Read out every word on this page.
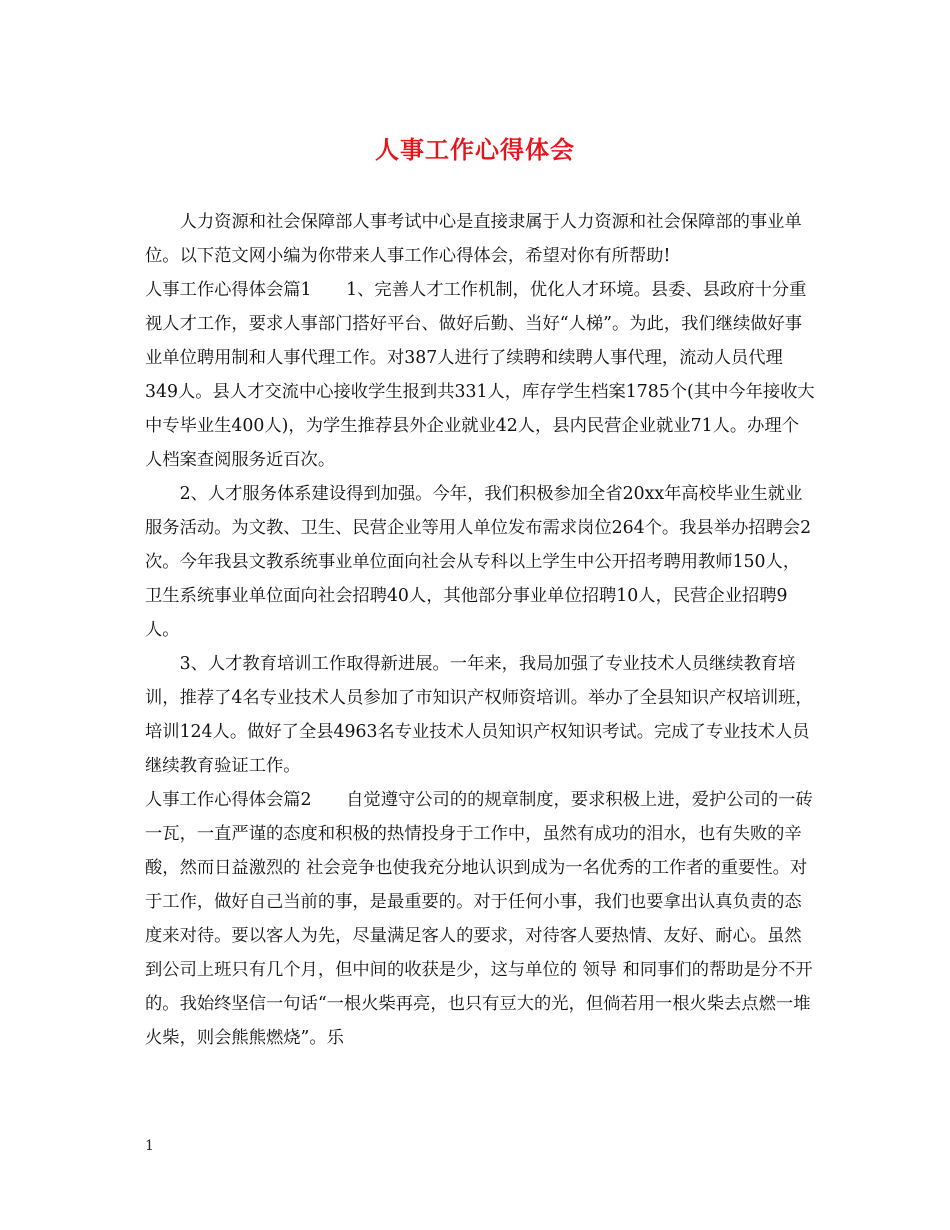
人事工作心得体会

人力资源和社会保障部人事考试中心是直接隶属于人力资源和社会保障部的事业单位。以下范文网小编为你带来人事工作心得体会，希望对你有所帮助!

人事工作心得体会篇1 1、完善人才工作机制，优化人才环境。县委、县政府十分重视人才工作，要求人事部门搭好平台、做好后勤、当好“人梯”。为此，我们继续做好事业单位聘用制和人事代理工作。对387人进行了续聘和续聘人事代理，流动人员代理349人。县人才交流中心接收学生报到共331人，库存学生档案1785个(其中今年接收大中专毕业生400人)，为学生推荐县外企业就业42人，县内民营企业就业71人。办理个人档案查阅服务近百次。

2、人才服务体系建设得到加强。今年，我们积极参加全省20xx年高校毕业生就业服务活动。为文教、卫生、民营企业等用人单位发布需求岗位264个。我县举办招聘会2次。今年我县文教系统事业单位面向社会从专科以上学生中公开招考聘用教师150人，卫生系统事业单位面向社会招聘40人，其他部分事业单位招聘10人，民营企业招聘9人。

3、人才教育培训工作取得新进展。一年来，我局加强了专业技术人员继续教育培训，推荐了4名专业技术人员参加了市知识产权师资培训。举办了全县知识产权培训班，培训124人。做好了全县4963名专业技术人员知识产权知识考试。完成了专业技术人员继续教育验证工作。

人事工作心得体会篇2 自觉遵守公司的的规章制度，要求积极上进，爱护公司的一砖一瓦，一直严谨的态度和积极的热情投身于工作中，虽然有成功的泪水，也有失败的辛酸，然而日益激烈的 社会竞争也使我充分地认识到成为一名优秀的工作者的重要性。对于工作，做好自己当前的事，是最重要的。对于任何小事，我们也要拿出认真负责的态度来对待。要以客人为先，尽量满足客人的要求，对待客人要热情、友好、耐心。虽然到公司上班只有几个月，但中间的收获是少，这与单位的 领导 和同事们的帮助是分不开的。我始终坚信一句话“一根火柴再亮，也只有豆大的光，但倘若用一根火柴去点燃一堆火柴，则会熊熊燃烧”。乐

1
